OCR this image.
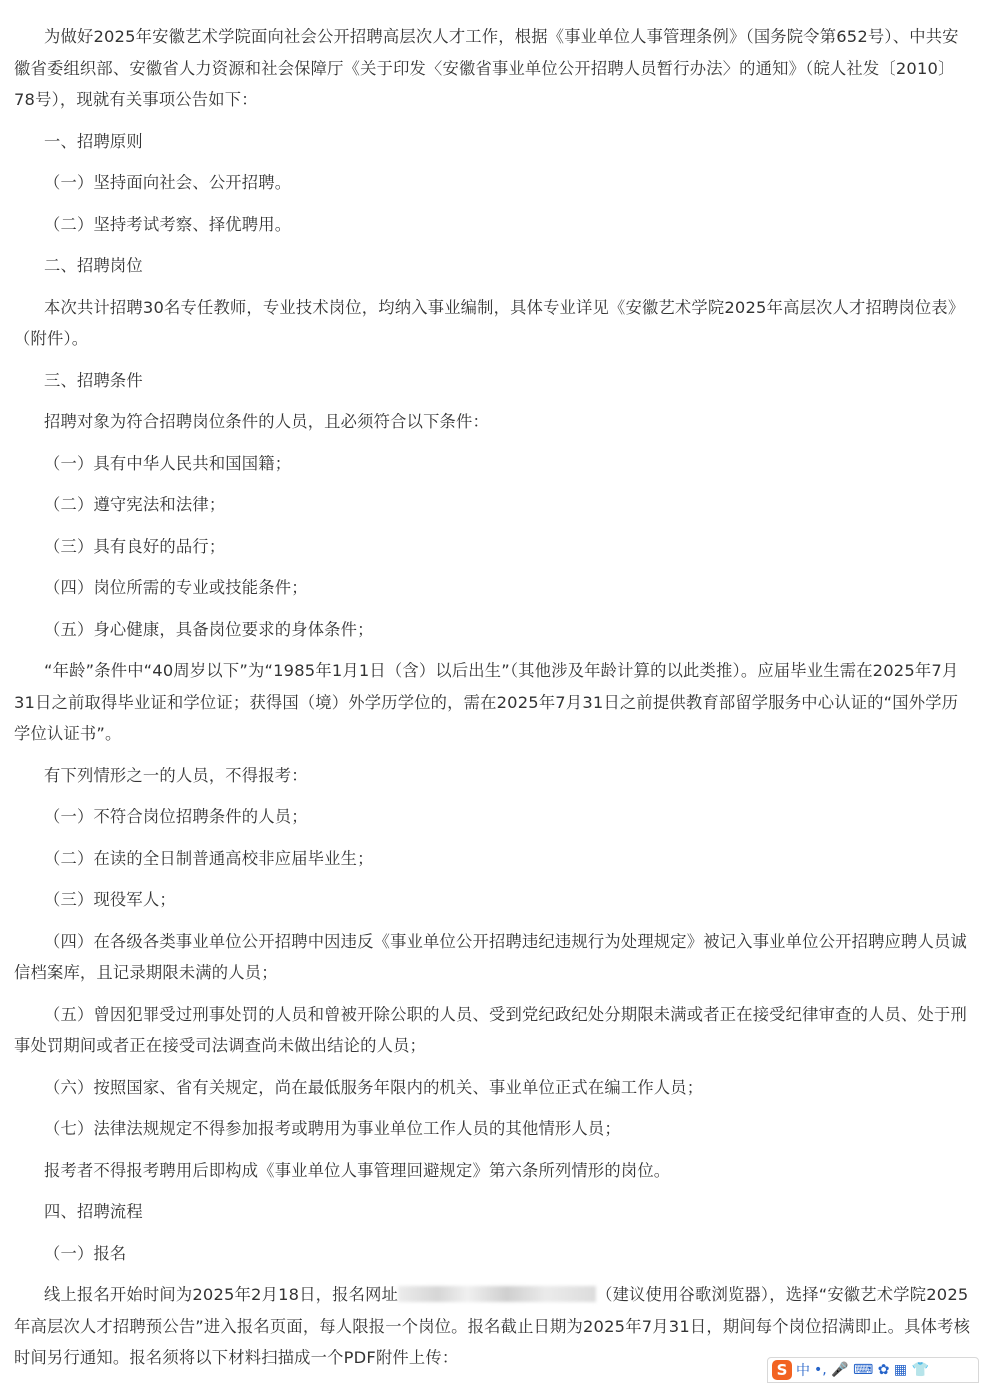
为做好2025年安徽艺术学院面向社会公开招聘高层次人才工作，根据《事业单位人事管理条例》（国务院令第652号）、中共安徽省委组织部、安徽省人力资源和社会保障厅《关于印发〈安徽省事业单位公开招聘人员暂行办法〉的通知》（皖人社发〔2010〕78号），现就有关事项公告如下：

一、招聘原则

（一）坚持面向社会、公开招聘。

（二）坚持考试考察、择优聘用。

二、招聘岗位

本次共计招聘30名专任教师，专业技术岗位，均纳入事业编制，具体专业详见《安徽艺术学院2025年高层次人才招聘岗位表》（附件）。

三、招聘条件

招聘对象为符合招聘岗位条件的人员，且必须符合以下条件：

（一）具有中华人民共和国国籍；

（二）遵守宪法和法律；

（三）具有良好的品行；

（四）岗位所需的专业或技能条件；

（五）身心健康，具备岗位要求的身体条件；

“年龄”条件中“40周岁以下”为“1985年1月1日（含）以后出生”（其他涉及年龄计算的以此类推）。应届毕业生需在2025年7月31日之前取得毕业证和学位证；获得国（境）外学历学位的，需在2025年7月31日之前提供教育部留学服务中心认证的“国外学历学位认证书”。

有下列情形之一的人员，不得报考：

（一）不符合岗位招聘条件的人员；

（二）在读的全日制普通高校非应届毕业生；

（三）现役军人；

（四）在各级各类事业单位公开招聘中因违反《事业单位公开招聘违纪违规行为处理规定》被记入事业单位公开招聘应聘人员诚信档案库，且记录期限未满的人员；

（五）曾因犯罪受过刑事处罚的人员和曾被开除公职的人员、受到党纪政纪处分期限未满或者正在接受纪律审查的人员、处于刑事处罚期间或者正在接受司法调查尚未做出结论的人员；

（六）按照国家、省有关规定，尚在最低服务年限内的机关、事业单位正式在编工作人员；

（七）法律法规规定不得参加报考或聘用为事业单位工作人员的其他情形人员；

报考者不得报考聘用后即构成《事业单位人事管理回避规定》第六条所列情形的岗位。

四、招聘流程

（一）报名

线上报名开始时间为2025年2月18日，报名网址	（建议使用谷歌浏览器），选择“安徽艺术学院2025年高层次人才招聘预公告”进入报名页面，每人限报一个岗位。报名截止日期为2025年7月31日，期间每个岗位招满即止。具体考核时间另行通知。报名须将以下材料扫描成一个PDF附件上传：

S 中 •, 🎤 ⌨ ✿ ▦ 👕
